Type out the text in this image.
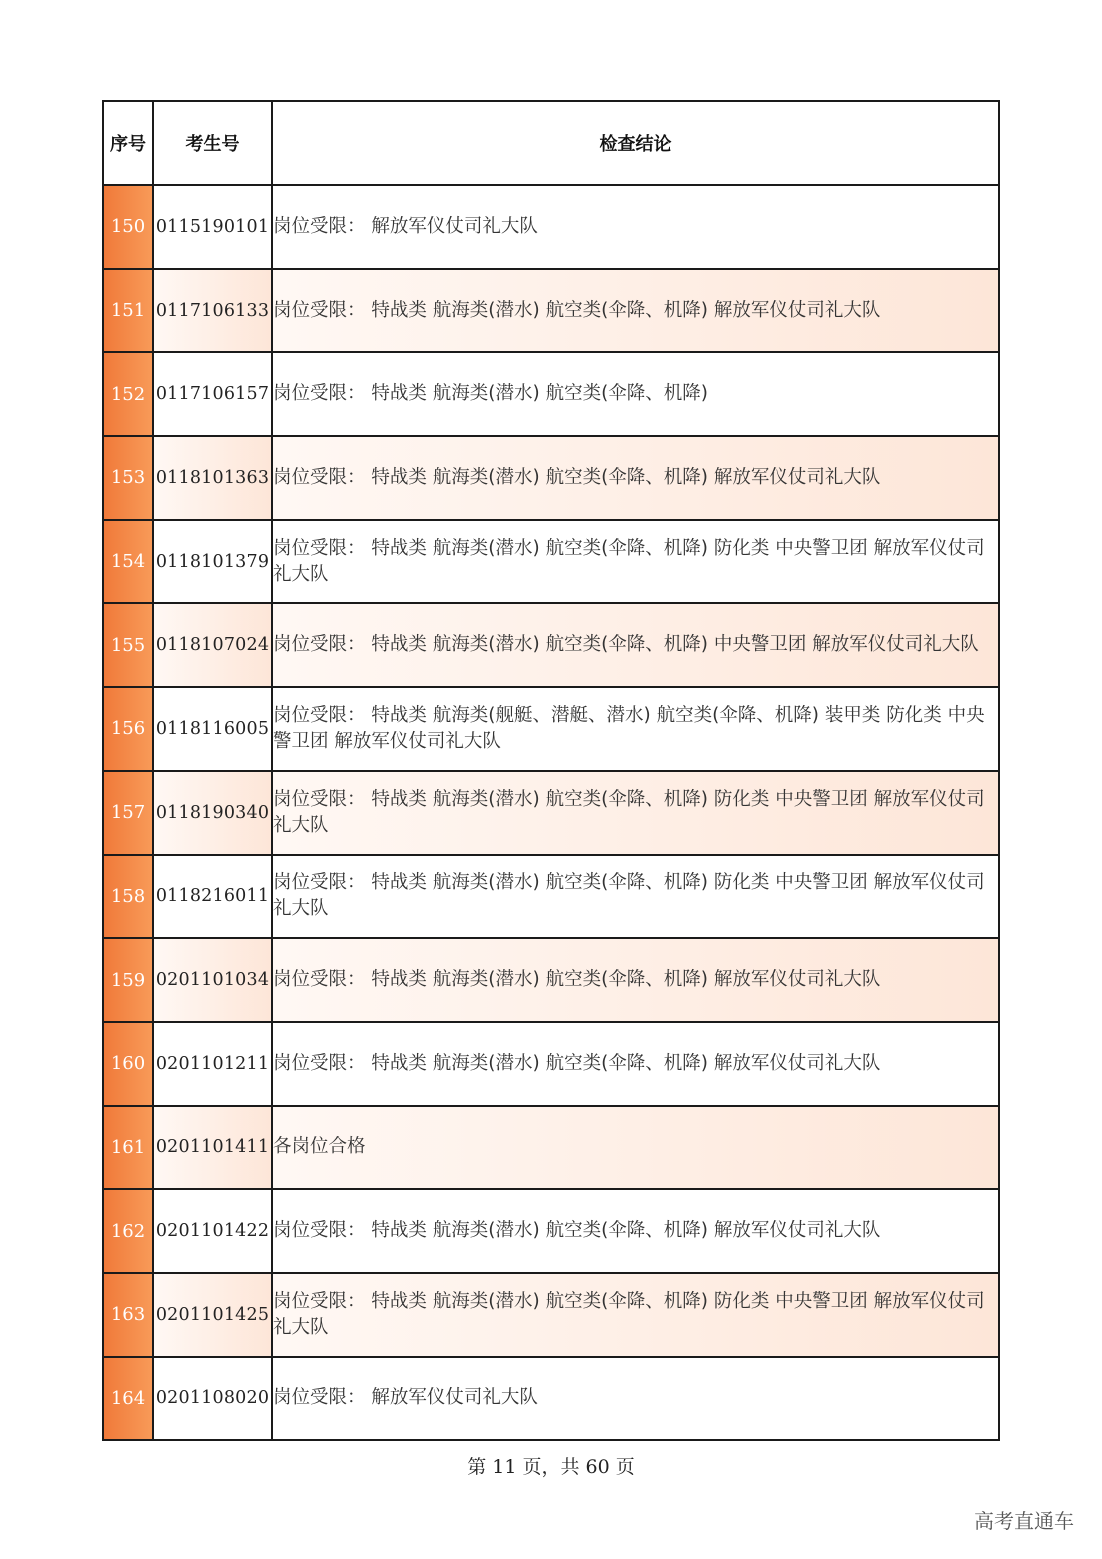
序号	考生号	检查结论
150	0115190101	岗位受限： 解放军仪仗司礼大队
151	0117106133	岗位受限： 特战类 航海类(潜水) 航空类(伞降、机降) 解放军仪仗司礼大队
152	0117106157	岗位受限： 特战类 航海类(潜水) 航空类(伞降、机降)
153	0118101363	岗位受限： 特战类 航海类(潜水) 航空类(伞降、机降) 解放军仪仗司礼大队
154	0118101379	岗位受限： 特战类 航海类(潜水) 航空类(伞降、机降) 防化类 中央警卫团 解放军仪仗司礼大队
155	0118107024	岗位受限： 特战类 航海类(潜水) 航空类(伞降、机降) 中央警卫团 解放军仪仗司礼大队
156	0118116005	岗位受限： 特战类 航海类(舰艇、潜艇、潜水) 航空类(伞降、机降) 装甲类 防化类 中央警卫团 解放军仪仗司礼大队
157	0118190340	岗位受限： 特战类 航海类(潜水) 航空类(伞降、机降) 防化类 中央警卫团 解放军仪仗司礼大队
158	0118216011	岗位受限： 特战类 航海类(潜水) 航空类(伞降、机降) 防化类 中央警卫团 解放军仪仗司礼大队
159	0201101034	岗位受限： 特战类 航海类(潜水) 航空类(伞降、机降) 解放军仪仗司礼大队
160	0201101211	岗位受限： 特战类 航海类(潜水) 航空类(伞降、机降) 解放军仪仗司礼大队
161	0201101411	各岗位合格
162	0201101422	岗位受限： 特战类 航海类(潜水) 航空类(伞降、机降) 解放军仪仗司礼大队
163	0201101425	岗位受限： 特战类 航海类(潜水) 航空类(伞降、机降) 防化类 中央警卫团 解放军仪仗司礼大队
164	0201108020	岗位受限： 解放军仪仗司礼大队
第 11 页，共 60 页
高考直通车
